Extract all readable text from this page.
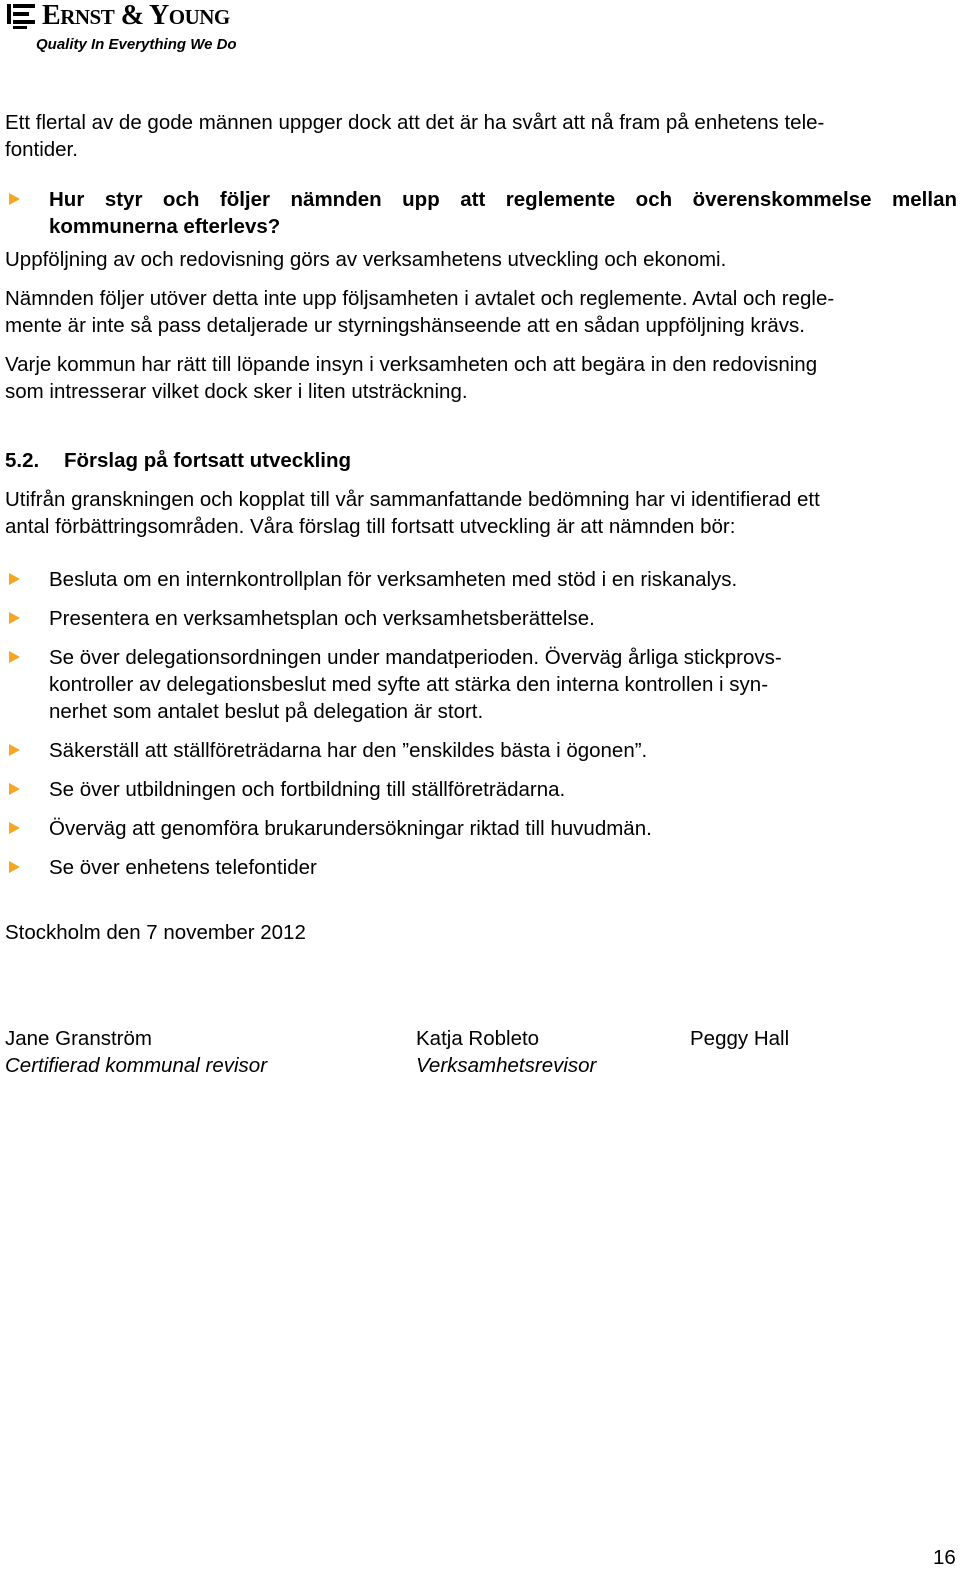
ERNST & YOUNG
Quality In Everything We Do
Ett flertal av de gode männen uppger dock att det är ha svårt att nå fram på enhetens tele-
fontider.
Hur styr och följer nämnden upp att reglemente och överenskommelse mellan
kommunerna efterlevs?
Uppföljning av och redovisning görs av verksamhetens utveckling och ekonomi.
Nämnden följer utöver detta inte upp följsamheten i avtalet och reglemente. Avtal och regle-
mente är inte så pass detaljerade ur styrningshänseende att en sådan uppföljning krävs.
Varje kommun har rätt till löpande insyn i verksamheten och att begära in den redovisning
som intresserar vilket dock sker i liten utsträckning.
5.2. Förslag på fortsatt utveckling
Utifrån granskningen och kopplat till vår sammanfattande bedömning har vi identifierad ett
antal förbättringsområden. Våra förslag till fortsatt utveckling är att nämnden bör:
Besluta om en internkontrollplan för verksamheten med stöd i en riskanalys.
Presentera en verksamhetsplan och verksamhetsberättelse.
Se över delegationsordningen under mandatperioden. Överväg årliga stickprovs-
kontroller av delegationsbeslut med syfte att stärka den interna kontrollen i syn-
nerhet som antalet beslut på delegation är stort.
Säkerställ att ställföreträdarna har den ”enskildes bästa i ögonen”.
Se över utbildningen och fortbildning till ställföreträdarna.
Överväg att genomföra brukarundersökningar riktad till huvudmän.
Se över enhetens telefontider
Stockholm den 7 november 2012
Jane Granström
Certifierad kommunal revisor
Katja Robleto
Verksamhetsrevisor
Peggy Hall
16
